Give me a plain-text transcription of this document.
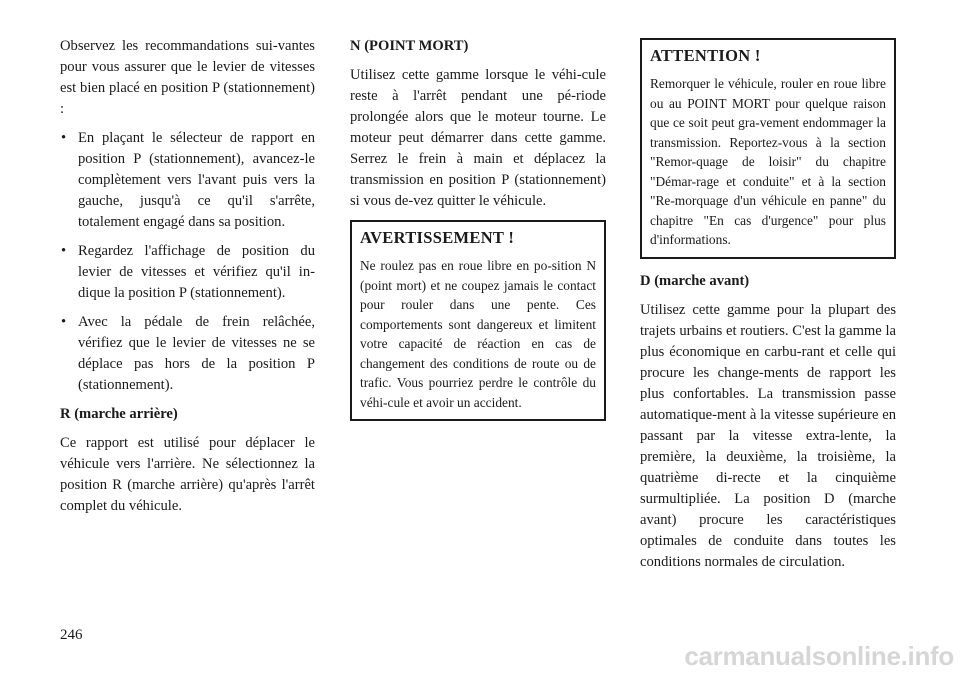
Observez les recommandations sui-vantes pour vous assurer que le levier de vitesses est bien placé en position P (stationnement) :

• En plaçant le sélecteur de rapport en position P (stationnement), avancez-le complètement vers l'avant puis vers la gauche, jusqu'à ce qu'il s'arrête, totalement engagé dans sa position.
• Regardez l'affichage de position du levier de vitesses et vérifiez qu'il in-dique la position P (stationnement).
• Avec la pédale de frein relâchée, vérifiez que le levier de vitesses ne se déplace pas hors de la position P (stationnement).

R (marche arrière)

Ce rapport est utilisé pour déplacer le véhicule vers l'arrière. Ne sélectionnez la position R (marche arrière) qu'après l'arrêt complet du véhicule.

N (POINT MORT)

Utilisez cette gamme lorsque le véhi-cule reste à l'arrêt pendant une pé-riode prolongée alors que le moteur tourne. Le moteur peut démarrer dans cette gamme. Serrez le frein à main et déplacez la transmission en position P (stationnement) si vous de-vez quitter le véhicule.

AVERTISSEMENT !
Ne roulez pas en roue libre en po-sition N (point mort) et ne coupez jamais le contact pour rouler dans une pente. Ces comportements sont dangereux et limitent votre capacité de réaction en cas de changement des conditions de route ou de trafic. Vous pourriez perdre le contrôle du véhi-cule et avoir un accident.
ATTENTION !
Remorquer le véhicule, rouler en roue libre ou au POINT MORT pour quelque raison que ce soit peut gra-vement endommager la transmission. Reportez-vous à la section "Remor-quage de loisir" du chapitre "Démar-rage et conduite" et à la section "Re-morquage d'un véhicule en panne" du chapitre "En cas d'urgence" pour plus d'informations.

D (marche avant)

Utilisez cette gamme pour la plupart des trajets urbains et routiers. C'est la gamme la plus économique en carbu-rant et celle qui procure les change-ments de rapport les plus confortables. La transmission passe automatique-ment à la vitesse supérieure en passant par la vitesse extra-lente, la première, la deuxième, la troisième, la quatrième di-recte et la cinquième surmultipliée. La position D (marche avant) procure les caractéristiques optimales de conduite dans toutes les conditions normales de circulation.

246
carmanualsonline.info
